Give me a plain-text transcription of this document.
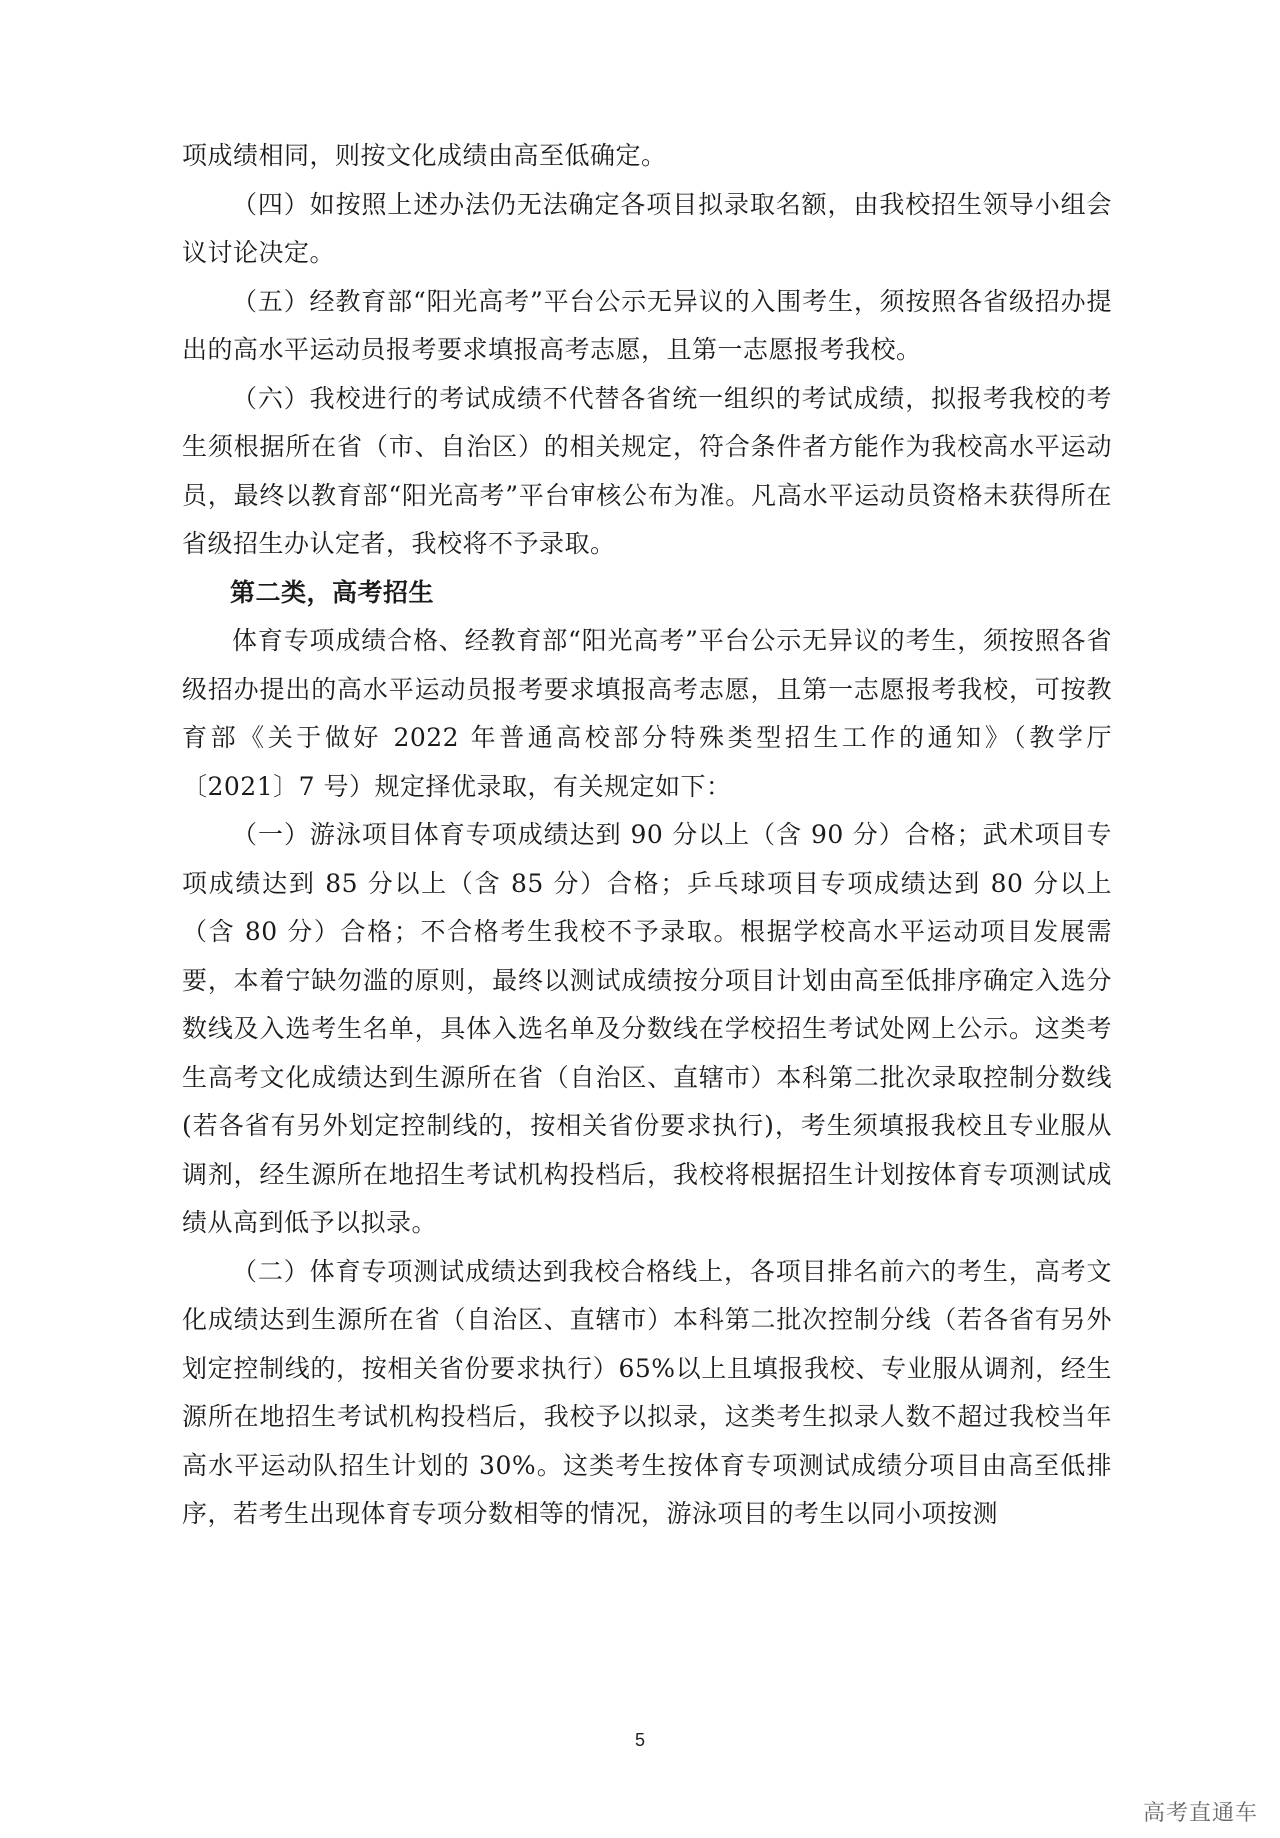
项成绩相同，则按文化成绩由高至低确定。

（四）如按照上述办法仍无法确定各项目拟录取名额，由我校招生领导小组会议讨论决定。

（五）经教育部“阳光高考”平台公示无异议的入围考生，须按照各省级招办提出的高水平运动员报考要求填报高考志愿，且第一志愿报考我校。

（六）我校进行的考试成绩不代替各省统一组织的考试成绩，拟报考我校的考生须根据所在省（市、自治区）的相关规定，符合条件者方能作为我校高水平运动员，最终以教育部“阳光高考”平台审核公布为准。凡高水平运动员资格未获得所在省级招生办认定者，我校将不予录取。

第二类，高考招生

体育专项成绩合格、经教育部“阳光高考”平台公示无异议的考生，须按照各省级招办提出的高水平运动员报考要求填报高考志愿，且第一志愿报考我校，可按教育部《关于做好 2022 年普通高校部分特殊类型招生工作的通知》（教学厅〔2021〕7 号）规定择优录取，有关规定如下：

（一）游泳项目体育专项成绩达到 90 分以上（含 90 分）合格；武术项目专项成绩达到 85 分以上（含 85 分）合格；乒乓球项目专项成绩达到 80 分以上（含 80 分）合格；不合格考生我校不予录取。根据学校高水平运动项目发展需要，本着宁缺勿滥的原则，最终以测试成绩按分项目计划由高至低排序确定入选分数线及入选考生名单，具体入选名单及分数线在学校招生考试处网上公示。这类考生高考文化成绩达到生源所在省（自治区、直辖市）本科第二批次录取控制分数线(若各省有另外划定控制线的，按相关省份要求执行)，考生须填报我校且专业服从调剂，经生源所在地招生考试机构投档后，我校将根据招生计划按体育专项测试成绩从高到低予以拟录。

（二）体育专项测试成绩达到我校合格线上，各项目排名前六的考生，高考文化成绩达到生源所在省（自治区、直辖市）本科第二批次控制分线（若各省有另外划定控制线的，按相关省份要求执行）65%以上且填报我校、专业服从调剂，经生源所在地招生考试机构投档后，我校予以拟录，这类考生拟录人数不超过我校当年高水平运动队招生计划的 30%。这类考生按体育专项测试成绩分项目由高至低排序，若考生出现体育专项分数相等的情况，游泳项目的考生以同小项按测

5
高考直通车
